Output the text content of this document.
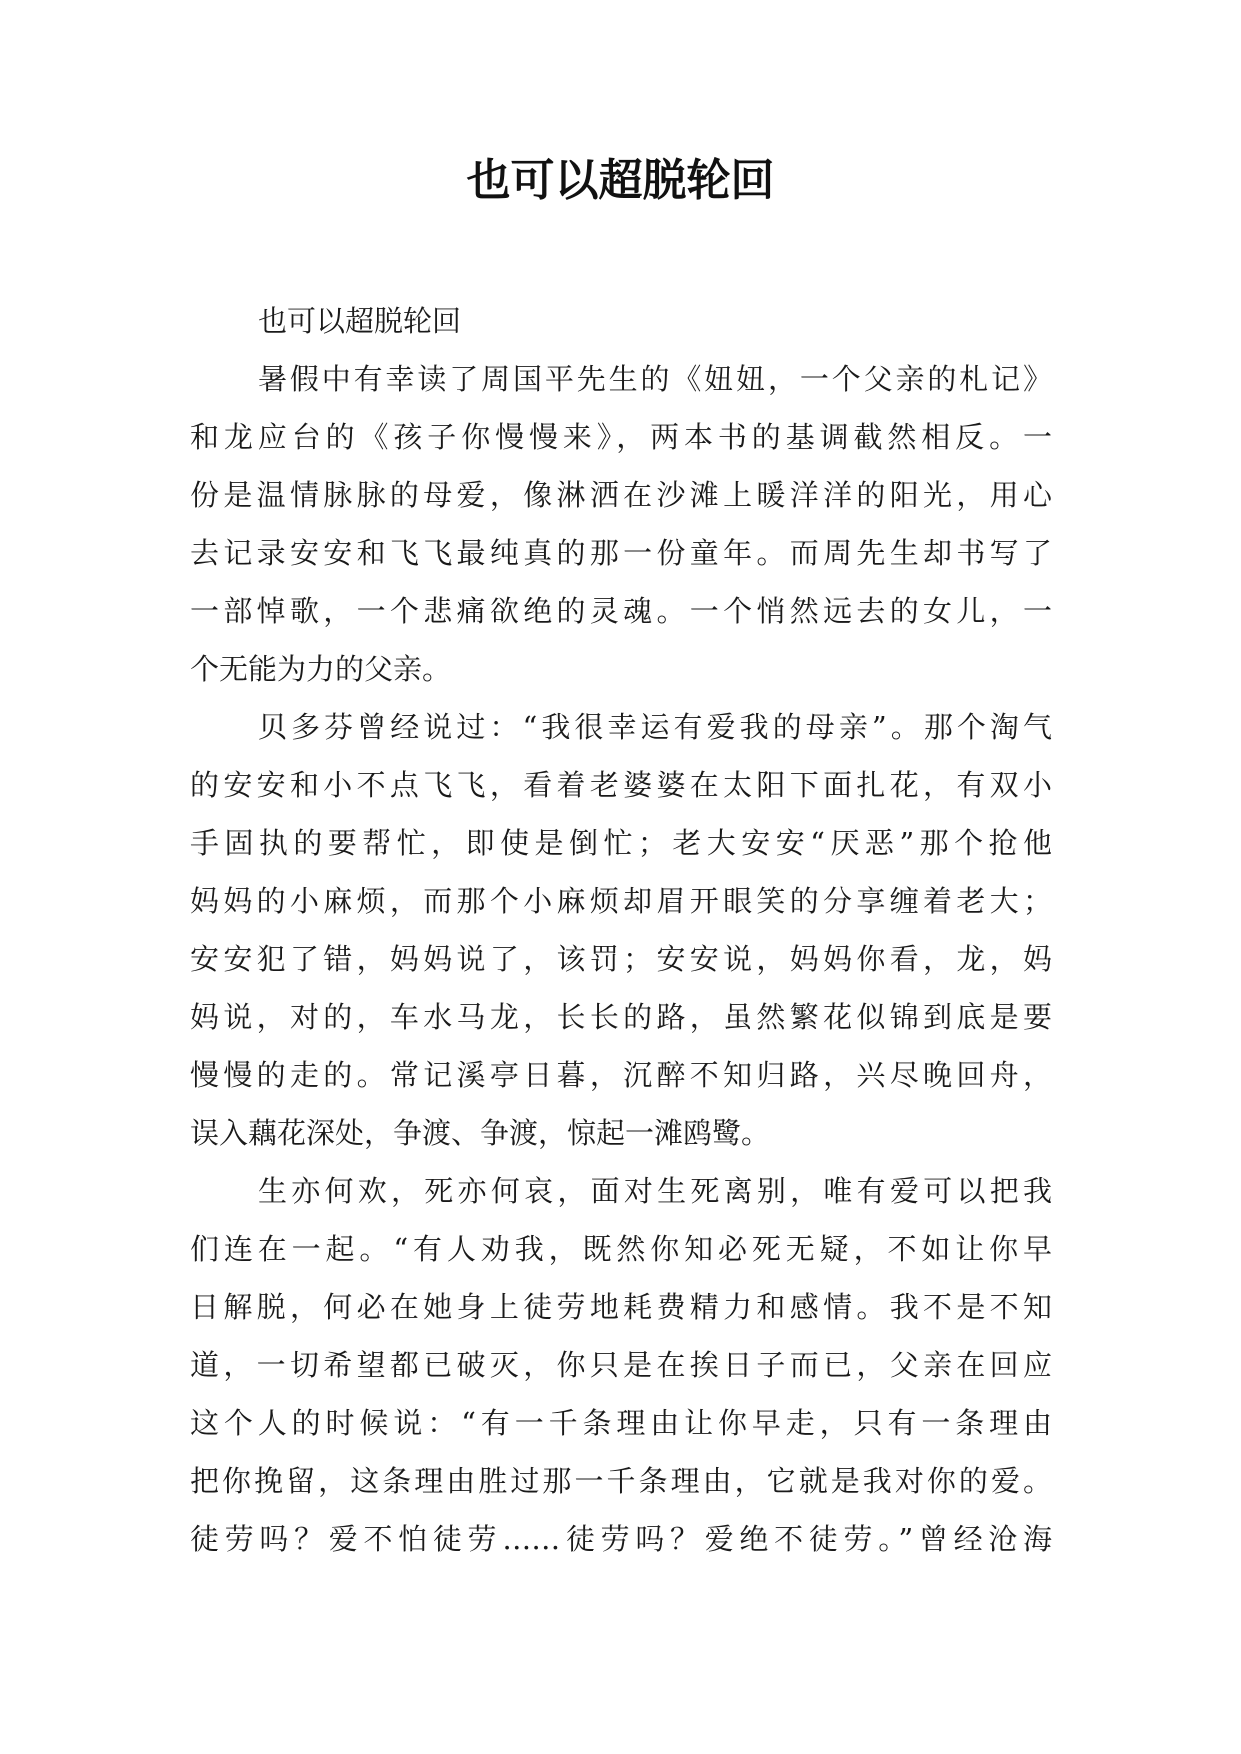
也可以超脱轮回
也可以超脱轮回
暑假中有幸读了周国平先生的《妞妞，一个父亲的札记》
和龙应台的《孩子你慢慢来》，两本书的基调截然相反。一
份是温情脉脉的母爱，像淋洒在沙滩上暖洋洋的阳光，用心
去记录安安和飞飞最纯真的那一份童年。而周先生却书写了
一部悼歌，一个悲痛欲绝的灵魂。一个悄然远去的女儿，一
个无能为力的父亲。
贝多芬曾经说过：“我很幸运有爱我的母亲”。那个淘气
的安安和小不点飞飞，看着老婆婆在太阳下面扎花，有双小
手固执的要帮忙，即使是倒忙；老大安安“厌恶”那个抢他
妈妈的小麻烦，而那个小麻烦却眉开眼笑的分享缠着老大；
安安犯了错，妈妈说了，该罚；安安说，妈妈你看，龙，妈
妈说，对的，车水马龙，长长的路，虽然繁花似锦到底是要
慢慢的走的。常记溪亭日暮，沉醉不知归路，兴尽晚回舟，
误入藕花深处，争渡、争渡，惊起一滩鸥鹭。
生亦何欢，死亦何哀，面对生死离别，唯有爱可以把我
们连在一起。“有人劝我，既然你知必死无疑，不如让你早
日解脱，何必在她身上徒劳地耗费精力和感情。我不是不知
道，一切希望都已破灭，你只是在挨日子而已，父亲在回应
这个人的时候说：“有一千条理由让你早走，只有一条理由
把你挽留，这条理由胜过那一千条理由，它就是我对你的爱。
徒劳吗？爱不怕徒劳……徒劳吗？爱绝不徒劳。”曾经沧海
